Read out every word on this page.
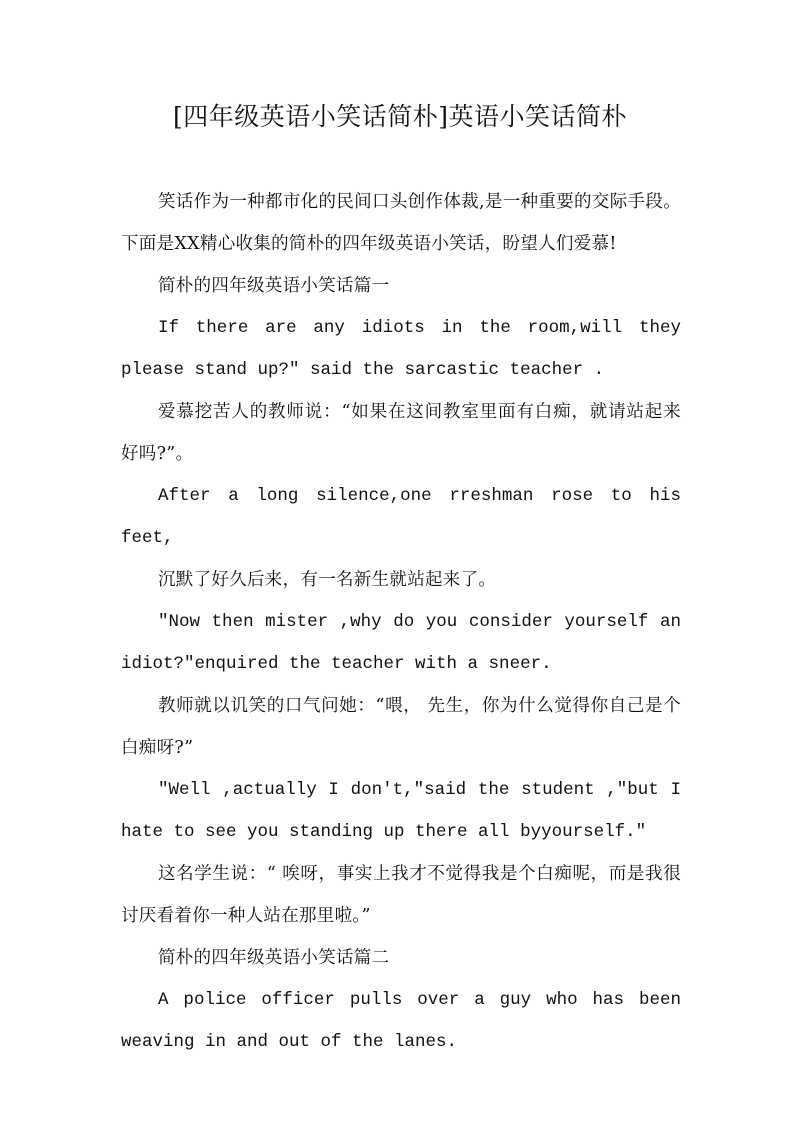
[四年级英语小笑话简朴]英语小笑话简朴

笑话作为一种都市化的民间口头创作体裁,是一种重要的交际手段。下面是XX精心收集的简朴的四年级英语小笑话，盼望人们爱慕!

简朴的四年级英语小笑话篇一

If there are any idiots in the room,will they please stand up?" said the sarcastic teacher .

爱慕挖苦人的教师说：“如果在这间教室里面有白痴，就请站起来好吗?”。

After a long silence,one rreshman rose to his feet,

沉默了好久后来，有一名新生就站起来了。

"Now then mister ,why do you consider yourself an idiot?"enquired the teacher with a sneer.

教师就以讥笑的口气问她：“喂， 先生，你为什么觉得你自己是个白痴呀?”

"Well ,actually I don't,"said the student ,"but I hate to see you standing up there all byyourself."

这名学生说：“ 唉呀，事实上我才不觉得我是个白痴呢，而是我很讨厌看着你一种人站在那里啦。”

简朴的四年级英语小笑话篇二

A police officer pulls over a guy who has been weaving in and out of the lanes.
